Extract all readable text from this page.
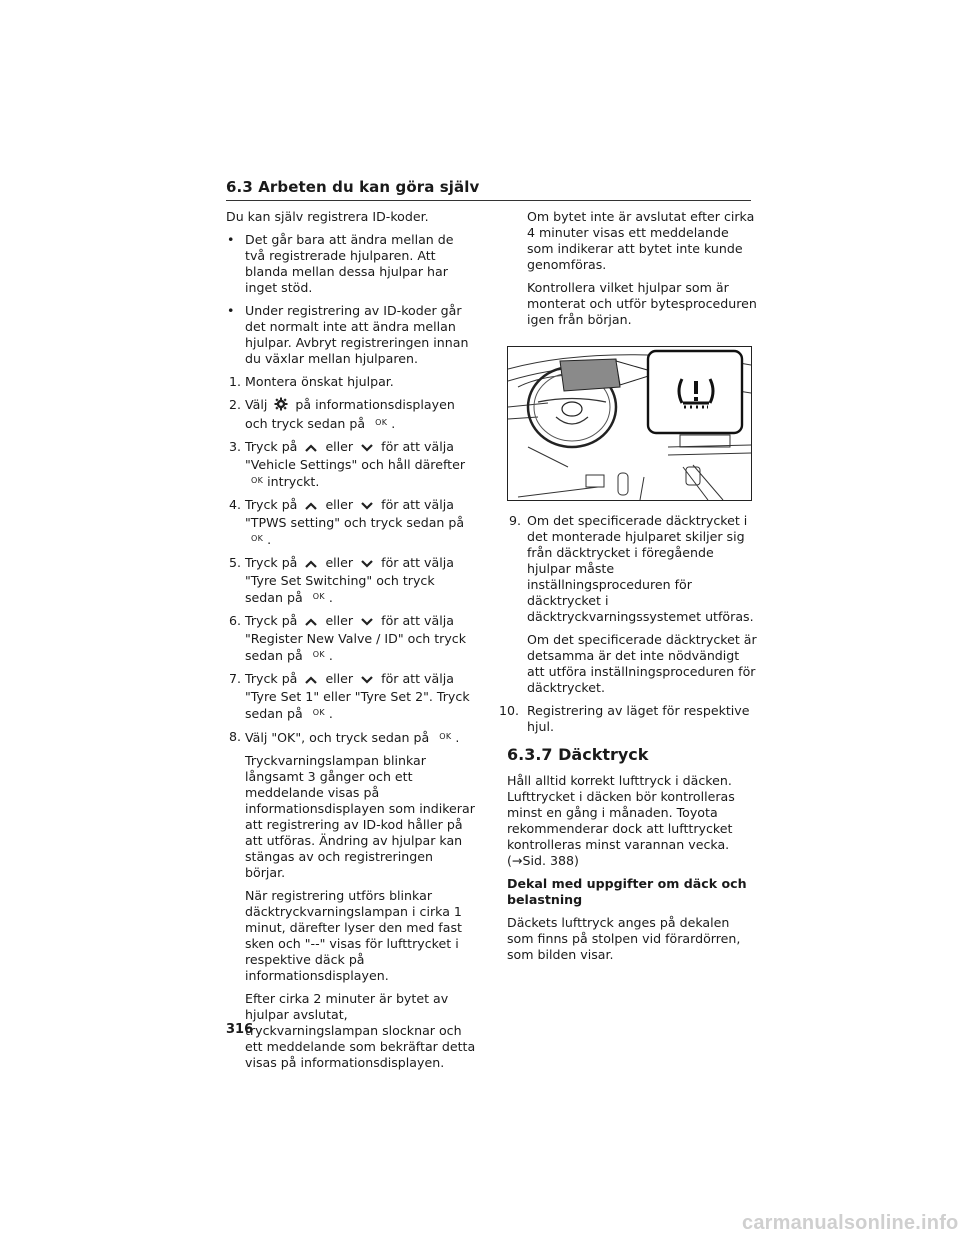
6.3 Arbeten du kan göra själv

Du kan själv registrera ID-koder.

• Det går bara att ändra mellan de två registrerade hjulparen. Att blanda mellan dessa hjulpar har inget stöd.
• Under registrering av ID-koder går det normalt inte att ändra mellan hjulpar. Avbryt registreringen innan du växlar mellan hjulparen.
1. Montera önskat hjulpar.
2. Välj på informationsdisplayen och tryck sedan på OK .
3. Tryck på eller för att välja "Vehicle Settings" och håll därefter
OK intryckt.
4. Tryck på eller för att välja "TPWS setting" och tryck sedan på
OK .
5. Tryck på eller för att välja "Tyre Set Switching" och tryck sedan på OK .
6. Tryck på eller för att välja "Register New Valve / ID" och tryck sedan på OK .
7. Tryck på eller för att välja "Tyre Set 1" eller "Tyre Set 2". Tryck sedan på OK .
8. Välj "OK", och tryck sedan på OK .

Tryckvarningslampan blinkar långsamt 3 gånger och ett meddelande visas på informationsdisplayen som indikerar att registrering av ID-kod håller på att utföras. Ändring av hjulpar kan stängas av och registreringen börjar.

När registrering utförs blinkar däcktryckvarningslampan i cirka 1 minut, därefter lyser den med fast sken och "--" visas för lufttrycket i respektive däck på informationsdisplayen.

Efter cirka 2 minuter är bytet av hjulpar avslutat, tryckvarningslampan slocknar och ett meddelande som bekräftar detta visas på informationsdisplayen.

Om bytet inte är avslutat efter cirka 4 minuter visas ett meddelande som indikerar att bytet inte kunde genomföras.

Kontrollera vilket hjulpar som är monterat och utför bytesproceduren igen från början.

9. Om det specificerade däcktrycket i det monterade hjulparet skiljer sig från däcktrycket i föregående hjulpar måste inställningsproceduren för däcktrycket i däcktryckvarningssystemet utföras.

Om det specificerade däcktrycket är detsamma är det inte nödvändigt att utföra inställningsproceduren för däcktrycket.

10. Registrering av läget för respektive hjul.
6.3.7 Däcktryck

Håll alltid korrekt lufttryck i däcken. Lufttrycket i däcken bör kontrolleras minst en gång i månaden. Toyota rekommenderar dock att lufttrycket kontrolleras minst varannan vecka.
(→Sid. 388)

Dekal med uppgifter om däck och belastning

Däckets lufttryck anges på dekalen som finns på stolpen vid förardörren, som bilden visar.

316
carmanualsonline.info
